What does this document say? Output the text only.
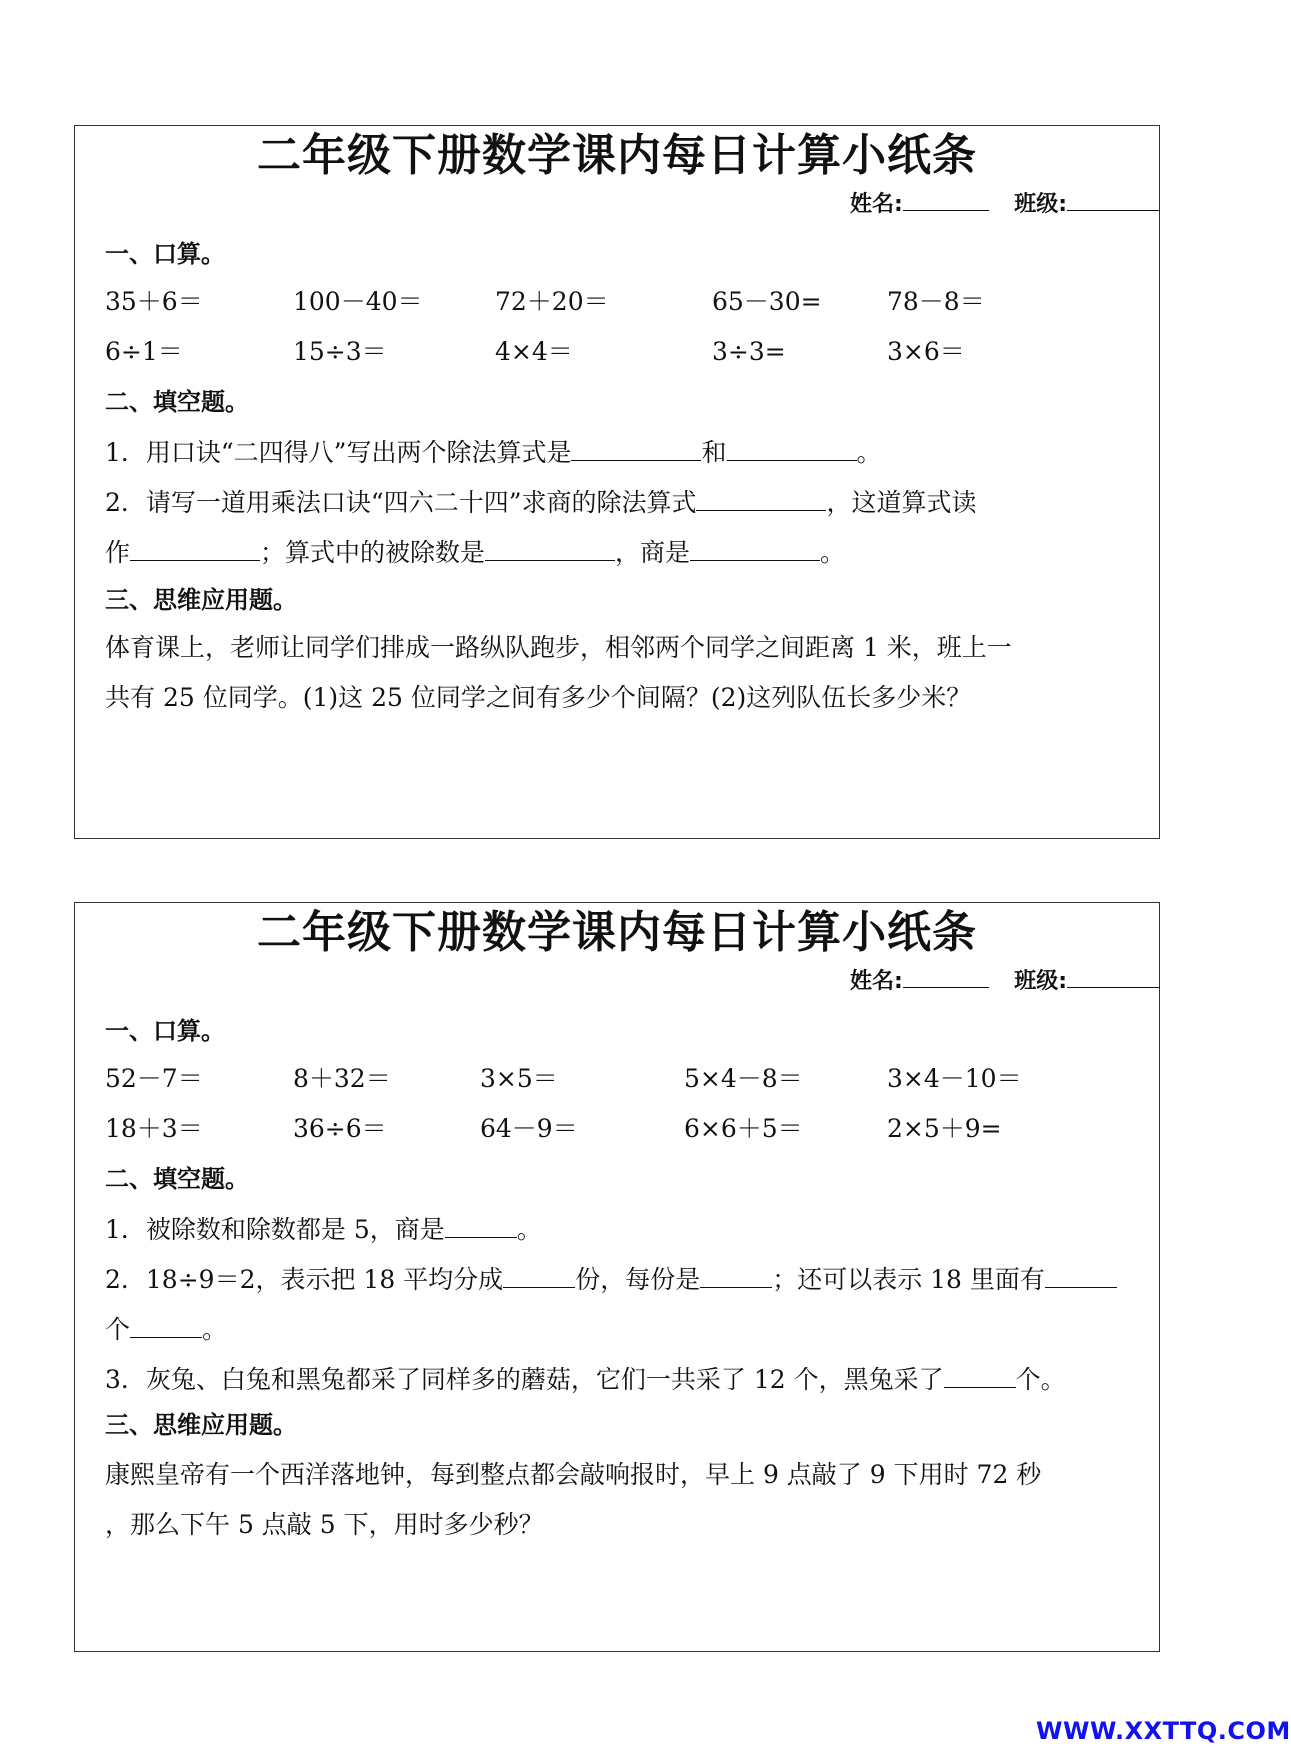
二年级下册数学课内每日计算小纸条
姓名:	班级:
一、口算。
35＋6＝	100－40＝	72＋20＝	65－30=	78－8＝
6÷1＝	15÷3＝	4×4＝	3÷3=	3×6＝
二、填空题。
1．用口诀“二四得八”写出两个除法算式是	和	。
2．请写一道用乘法口诀“四六二十四”求商的除法算式	，这道算式读
作	；算式中的被除数是	，商是	。
三、思维应用题。
体育课上，老师让同学们排成一路纵队跑步，相邻两个同学之间距离 1 米，班上一
共有 25 位同学。(1)这 25 位同学之间有多少个间隔？(2)这列队伍长多少米？
二年级下册数学课内每日计算小纸条
姓名:	班级:
一、口算。
52－7＝	8＋32＝	3×5＝	5×4－8＝	3×4－10＝
18＋3＝	36÷6＝	64－9＝	6×6＋5＝	2×5＋9=
二、填空题。
1．被除数和除数都是 5，商是	。
2．18÷9＝2，表示把 18 平均分成	份，每份是	；还可以表示 18 里面有
个	。
3．灰兔、白兔和黑兔都采了同样多的蘑菇，它们一共采了 12 个，黑兔采了	个。
三、思维应用题。
康熙皇帝有一个西洋落地钟，每到整点都会敲响报时，早上 9 点敲了 9 下用时 72 秒
，那么下午 5 点敲 5 下，用时多少秒？
WWW.XXTTQ.COM
